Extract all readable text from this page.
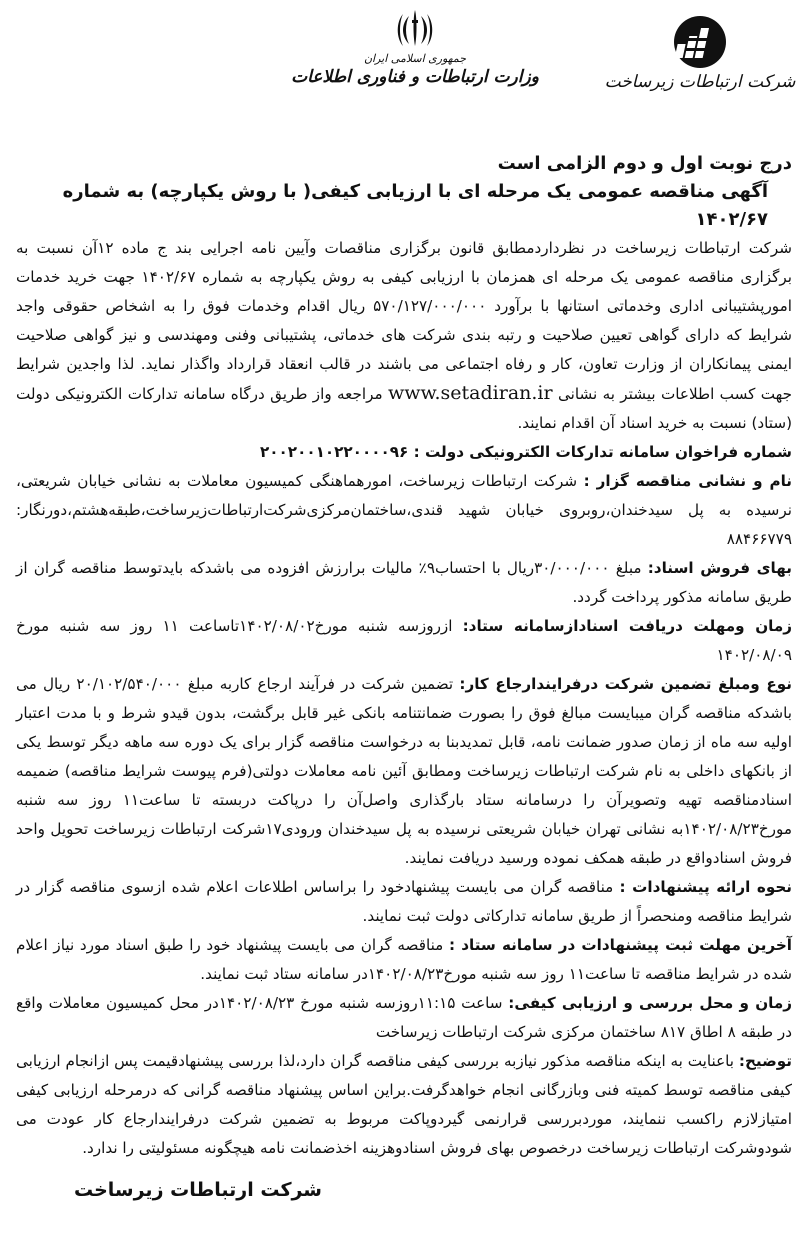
شرکت ارتباطات زیرساخت
جمهوری اسلامی ایران
وزارت ارتباطات و فناوری اطلاعات

درج نوبت اول و دوم الزامی است

آگهی مناقصه عمومی یک مرحله ای با ارزیابی کیفی( با روش یکپارچه) به شماره ۱۴۰۲/۶۷

شرکت ارتباطات زیرساخت در نظرداردمطابق قانون برگزاری مناقصات وآیین نامه اجرایی بند ج ماده ۱۲آن نسبت به برگزاری مناقصه عمومی یک مرحله ای همزمان با ارزیابی کیفی به روش یکپارچه به شماره ۱۴۰۲/۶۷ جهت خرید خدمات امورپشتیبانی اداری وخدماتی استانها با برآورد ۵۷۰/۱۲۷/۰۰۰/۰۰۰ ریال اقدام وخدمات فوق را به اشخاص حقوقی واجد شرایط که دارای گواهی تعیین صلاحیت و رتبه بندی شرکت های خدماتی، پشتیبانی وفنی ومهندسی و نیز گواهی صلاحیت ایمنی پیمانکاران از وزارت تعاون، کار و رفاه اجتماعی می باشند در قالب انعقاد قرارداد واگذار نماید. لذا واجدین شرایط جهت کسب اطلاعات بیشتر به نشانی www.setadiran.ir مراجعه واز طریق درگاه سامانه تدارکات الکترونیکی دولت (ستاد) نسبت به خرید اسناد آن اقدام نمایند.

شماره فراخوان سامانه تدارکات الکترونیکی دولت : ۲۰۰۲۰۰۱۰۲۲۰۰۰۰۹۶

نام و نشانی مناقصه گزار : شرکت ارتباطات زیرساخت، امورهماهنگی کمیسیون معاملات به نشانی خیابان شریعتی، نرسیده به پل سیدخندان،روبروی خیابان شهید قندی،ساختمان‌مرکزی‌شرکت‌ارتباطات‌زیرساخت،طبقه‌هشتم،دورنگار: ۸۸۴۶۶۷۷۹

بهای فروش اسناد: مبلغ ۳۰/۰۰۰/۰۰۰ریال با احتساب۹٪ مالیات برارزش افزوده می باشدکه بایدتوسط مناقصه گران از طریق سامانه مذکور پرداخت گردد.

زمان ومهلت دریافت اسنادازسامانه ستاد: ازروزسه شنبه مورخ۱۴۰۲/۰۸/۰۲تاساعت ۱۱ روز سه شنبه مورخ ۱۴۰۲/۰۸/۰۹

نوع ومبلغ تضمین شرکت درفرایندارجاع کار: تضمین شرکت در فرآیند ارجاع کاربه مبلغ ۲۰/۱۰۲/۵۴۰/۰۰۰ ریال می باشدکه مناقصه گران میبایست مبالغ فوق را بصورت ضمانتنامه بانکی غیر قابل برگشت، بدون قیدو شرط و با مدت اعتبار اولیه سه ماه از زمان صدور ضمانت نامه، قابل تمدیدبنا به درخواست مناقصه گزار برای یک دوره سه ماهه دیگر توسط یکی از بانکهای داخلی به نام شرکت ارتباطات زیرساخت ومطابق آئین نامه معاملات دولتی(فرم پیوست شرایط مناقصه) ضمیمه اسنادمناقصه تهیه وتصویرآن را درسامانه ستاد بارگذاری واصل‌آن را درپاکت دربسته تا ساعت۱۱ روز سه شنبه مورخ۱۴۰۲/۰۸/۲۳به نشانی تهران خیابان شریعتی نرسیده به پل سیدخندان ورودی۱۷شرکت ارتباطات زیرساخت تحویل واحد فروش اسنادواقع در طبقه همکف نموده ورسید دریافت نمایند.

نحوه ارائه پیشنهادات : مناقصه گران می بایست پیشنهادخود را براساس اطلاعات اعلام شده ازسوی مناقصه گزار در شرایط مناقصه ومنحصراً از طریق سامانه تدارکاتی دولت ثبت نمایند.

آخرین مهلت ثبت پیشنهادات در سامانه ستاد : مناقصه گران می بایست پیشنهاد خود را طبق اسناد مورد نیاز اعلام شده در شرایط مناقصه تا ساعت۱۱ روز سه شنبه مورخ۱۴۰۲/۰۸/۲۳در سامانه ستاد ثبت نمایند.

زمان و محل بررسی و ارزیابی کیفی: ساعت ۱۱:۱۵روزسه شنبه مورخ ۱۴۰۲/۰۸/۲۳در محل کمیسیون معاملات واقع در طبقه ۸ اطاق ۸۱۷ ساختمان مرکزی شرکت ارتباطات زیرساخت

توضیح: باعنایت به اینکه مناقصه مذکور نیازبه بررسی کیفی مناقصه گران دارد،لذا بررسی پیشنهادقیمت پس ازانجام ارزیابی کیفی مناقصه توسط کمیته فنی وبازرگانی انجام خواهدگرفت.براین اساس پیشنهاد مناقصه گرانی که درمرحله ارزیابی کیفی امتیازلازم راکسب ننمایند، موردبررسی قرارنمی گیردوپاکت مربوط به تضمین شرکت درفرایندارجاع کار عودت می شودوشرکت ارتباطات زیرساخت درخصوص بهای فروش اسنادوهزینه اخذضمانت نامه هیچگونه مسئولیتی را ندارد.

شرکت ارتباطات زیرساخت
